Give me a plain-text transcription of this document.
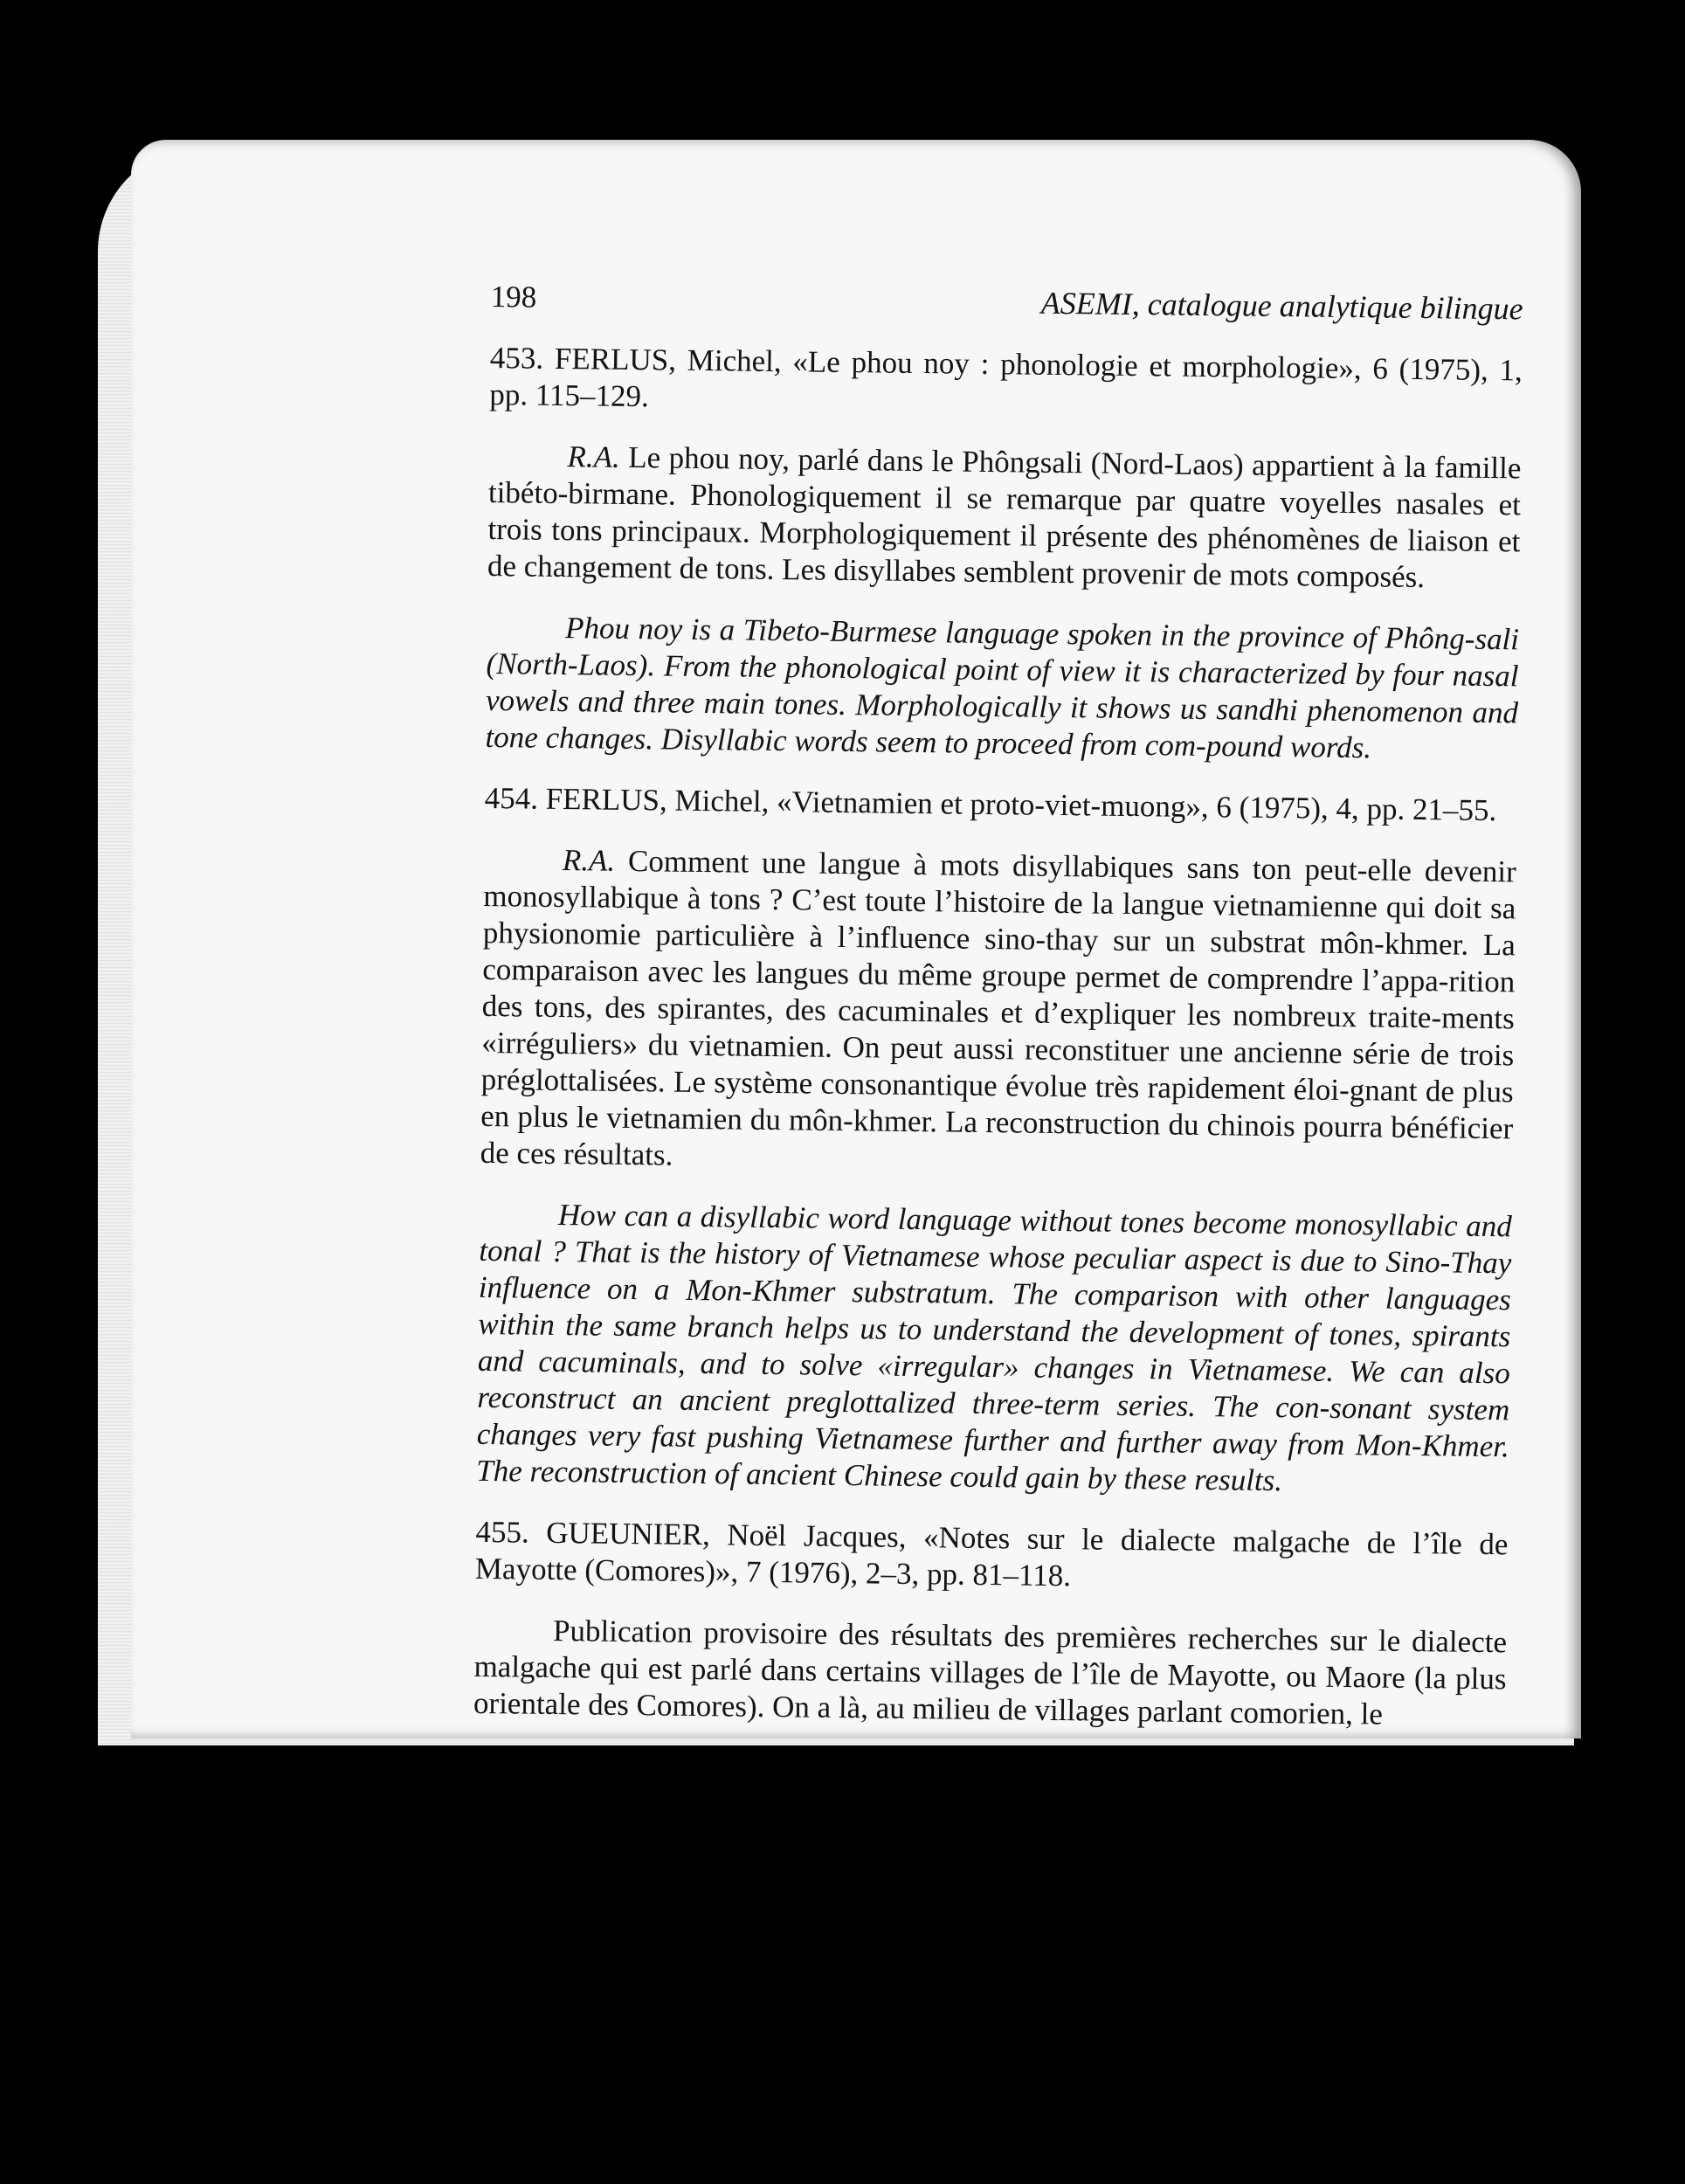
198	ASEMI, catalogue analytique bilingue

453. FERLUS, Michel, «Le phou noy : phonologie et morphologie», 6 (1975), 1, pp. 115–129.

R.A. Le phou noy, parlé dans le Phôngsali (Nord-Laos) appartient à la famille tibéto-birmane. Phonologiquement il se remarque par quatre voyelles nasales et trois tons principaux. Morphologiquement il présente des phénomènes de liaison et de changement de tons. Les disyllabes semblent provenir de mots composés.

Phou noy is a Tibeto-Burmese language spoken in the province of Phông-sali (North-Laos). From the phonological point of view it is characterized by four nasal vowels and three main tones. Morphologically it shows us sandhi phenomenon and tone changes. Disyllabic words seem to proceed from com-pound words.

454. FERLUS, Michel, «Vietnamien et proto-viet-muong», 6 (1975), 4, pp. 21–55.

R.A. Comment une langue à mots disyllabiques sans ton peut-elle devenir monosyllabique à tons ? C’est toute l’histoire de la langue vietnamienne qui doit sa physionomie particulière à l’influence sino-thay sur un substrat môn-khmer. La comparaison avec les langues du même groupe permet de comprendre l’appa-rition des tons, des spirantes, des cacuminales et d’expliquer les nombreux traite-ments «irréguliers» du vietnamien. On peut aussi reconstituer une ancienne série de trois préglottalisées. Le système consonantique évolue très rapidement éloi-gnant de plus en plus le vietnamien du môn-khmer. La reconstruction du chinois pourra bénéficier de ces résultats.

How can a disyllabic word language without tones become monosyllabic and tonal ? That is the history of Vietnamese whose peculiar aspect is due to Sino-Thay influence on a Mon-Khmer substratum. The comparison with other languages within the same branch helps us to understand the development of tones, spirants and cacuminals, and to solve «irregular» changes in Vietnamese. We can also reconstruct an ancient preglottalized three-term series. The con-sonant system changes very fast pushing Vietnamese further and further away from Mon-Khmer. The reconstruction of ancient Chinese could gain by these results.

455. GUEUNIER, Noël Jacques, «Notes sur le dialecte malgache de l’île de Mayotte (Comores)», 7 (1976), 2–3, pp. 81–118.

Publication provisoire des résultats des premières recherches sur le dialecte malgache qui est parlé dans certains villages de l’île de Mayotte, ou Maore (la plus orientale des Comores). On a là, au milieu de villages parlant comorien, le
